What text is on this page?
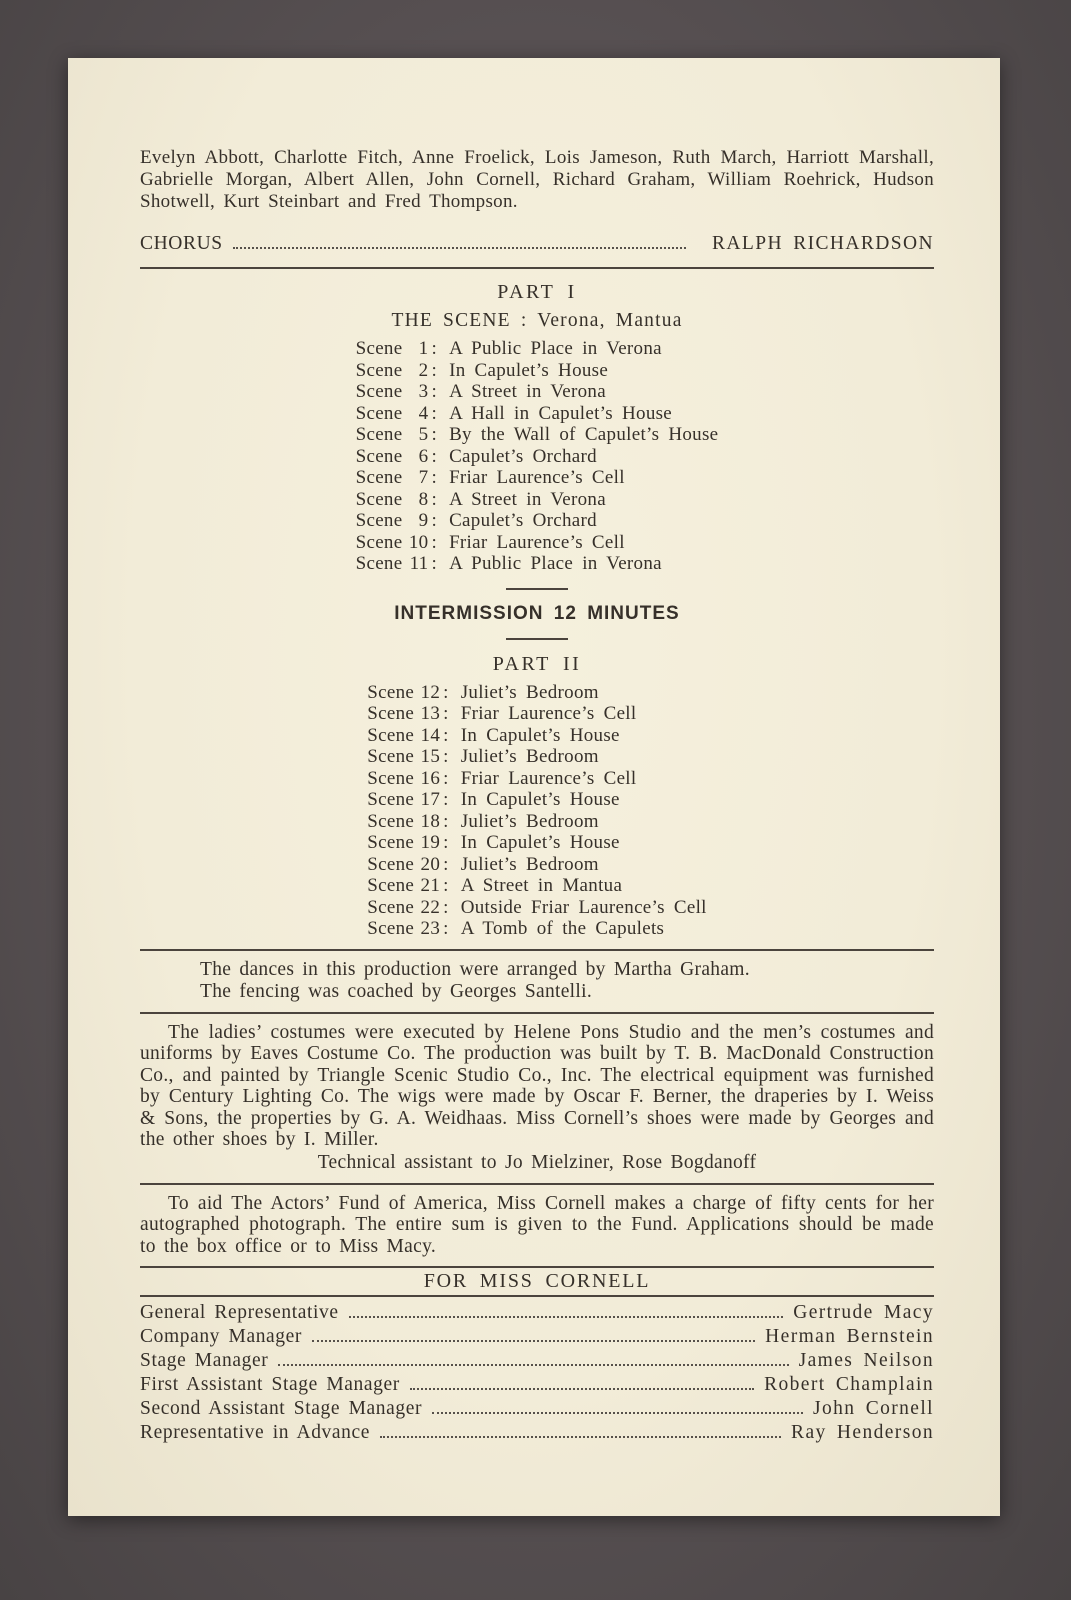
Evelyn Abbott, Charlotte Fitch, Anne Froelick, Lois Jameson, Ruth March, Harriott Marshall, Gabrielle Morgan, Albert Allen, John Cornell, Richard Graham, William Roehrick, Hudson Shotwell, Kurt Steinbart and Fred Thompson.

CHORUS	RALPH RICHARDSON
PART I
THE SCENE : Verona, Mantua
Scene 1 : A Public Place in Verona
Scene 2 : In Capulet’s House
Scene 3 : A Street in Verona
Scene 4 : A Hall in Capulet’s House
Scene 5 : By the Wall of Capulet’s House
Scene 6 : Capulet’s Orchard
Scene 7 : Friar Laurence’s Cell
Scene 8 : A Street in Verona
Scene 9 : Capulet’s Orchard
Scene 10 : Friar Laurence’s Cell
Scene 11 : A Public Place in Verona
INTERMISSION 12 MINUTES
PART II
Scene 12 : Juliet’s Bedroom
Scene 13 : Friar Laurence’s Cell
Scene 14 : In Capulet’s House
Scene 15 : Juliet’s Bedroom
Scene 16 : Friar Laurence’s Cell
Scene 17 : In Capulet’s House
Scene 18 : Juliet’s Bedroom
Scene 19 : In Capulet’s House
Scene 20 : Juliet’s Bedroom
Scene 21 : A Street in Mantua
Scene 22 : Outside Friar Laurence’s Cell
Scene 23 : A Tomb of the Capulets
The dances in this production were arranged by Martha Graham.
The fencing was coached by Georges Santelli.

The ladies’ costumes were executed by Helene Pons Studio and the men’s costumes and uniforms by Eaves Costume Co. The production was built by T. B. MacDonald Construction Co., and painted by Triangle Scenic Studio Co., Inc. The electrical equipment was furnished by Century Lighting Co. The wigs were made by Oscar F. Berner, the draperies by I. Weiss & Sons, the properties by G. A. Weidhaas. Miss Cornell’s shoes were made by Georges and the other shoes by I. Miller.

Technical assistant to Jo Mielziner, Rose Bogdanoff

To aid The Actors’ Fund of America, Miss Cornell makes a charge of fifty cents for her autographed photograph. The entire sum is given to the Fund. Applications should be made to the box office or to Miss Macy.

FOR MISS CORNELL
General Representative	Gertrude Macy
Company Manager	Herman Bernstein
Stage Manager	James Neilson
First Assistant Stage Manager	Robert Champlain
Second Assistant Stage Manager	John Cornell
Representative in Advance	Ray Henderson
